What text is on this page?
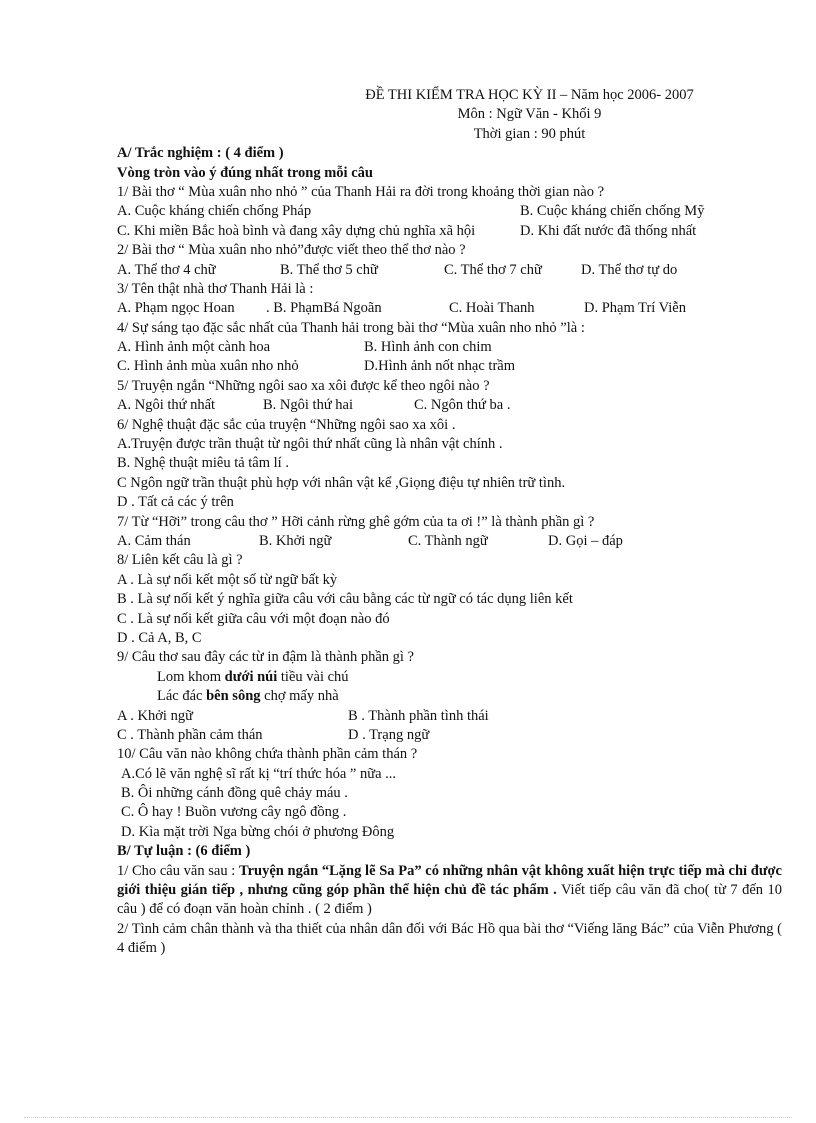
ĐỀ THI KIỂM TRA HỌC KỲ II – Năm học 2006- 2007
Môn : Ngữ Văn - Khối 9
Thời gian : 90 phút
A/ Trắc nghiệm : ( 4 điểm )
Vòng tròn vào ý đúng nhất trong mỗi câu
1/ Bài thơ “ Mùa xuân nho nhỏ ” của Thanh Hải ra đời trong khoảng thời gian nào ?
A. Cuộc kháng chiến chống Pháp	B. Cuộc kháng chiến chống Mỹ
C. Khi miền Bắc hoà bình và đang xây dựng chủ nghĩa xã hội	D. Khi đất nước đã thống nhất
2/ Bài thơ “ Mùa xuân nho nhỏ”được viết theo thể thơ nào ?
A. Thể thơ 4 chữ	B. Thể thơ 5 chữ	C. Thể thơ 7 chữ	D. Thể thơ tự do
3/ Tên thật nhà thơ Thanh Hải là :
A. Phạm ngọc Hoan . B. PhạmBá Ngoãn	C. Hoài Thanh	D. Phạm Trí Viễn
4/ Sự sáng tạo đặc sắc nhất của Thanh hải trong bài thơ “Mùa xuân nho nhỏ ”là :
A. Hình ảnh một cành hoa	B. Hình ảnh con chim
C. Hình ảnh mùa xuân nho nhỏ	D.Hình ảnh nốt nhạc trầm
5/ Truyện ngắn “Những ngôi sao xa xôi được kể theo ngôi nào ?
A. Ngôi thứ nhất	B. Ngôi thứ hai	C. Ngôn thứ ba .
6/ Nghệ thuật đặc sắc của truyện “Những ngôi sao xa xôi .
A.Truyện được trần thuật từ ngôi thứ nhất cũng là nhân vật chính .
B. Nghệ thuật miêu tả tâm lí .
C Ngôn ngữ trần thuật phù hợp với nhân vật kể ,Giọng điệu tự nhiên trữ tình.
D . Tất cả các ý trên
7/ Từ “Hỡi” trong câu thơ ” Hỡi cảnh rừng ghê gớm của ta ơi !” là thành phần gì ?
A. Cảm thán	B. Khởi ngữ	C. Thành ngữ	D. Gọi – đáp
8/ Liên kết câu là gì ?
A . Là sự nối kết một số từ ngữ bất kỳ
B . Là sự nối kết ý nghĩa giữa câu với câu bằng các từ ngữ có tác dụng liên kết
C . Là sự nối kết giữa câu với một đoạn nào đó
D . Cả A, B, C
9/ Câu thơ sau đây các từ in đậm là thành phần gì ?
Lom khom dưới núi tiều vài chú
Lác đác bên sông chợ mấy nhà
A . Khởi ngữ	B . Thành phần tình thái
C . Thành phần cảm thán	D . Trạng ngữ
10/ Câu văn nào không chứa thành phần cảm thán ?
A.Có lẽ văn nghệ sĩ rất kị “trí thức hóa ” nữa ...
B. Ôi những cánh đồng quê chảy máu .
C. Ô hay ! Buồn vương cây ngô đồng .
D. Kìa mặt trời Nga bừng chói ở phương Đông
B/ Tự luận : (6 điểm )
1/ Cho câu văn sau : Truyện ngắn “Lặng lẽ Sa Pa” có những nhân vật không xuất hiện trực tiếp mà chỉ được giới thiệu gián tiếp , nhưng cũng góp phần thể hiện chủ đề tác phẩm . Viết tiếp câu văn đã cho( từ 7 đến 10 câu ) để có đoạn văn hoàn chỉnh . ( 2 điểm )
2/ Tình cảm chân thành và tha thiết của nhân dân đối với Bác Hồ qua bài thơ “Viếng lăng Bác” của Viễn Phương ( 4 điểm )
